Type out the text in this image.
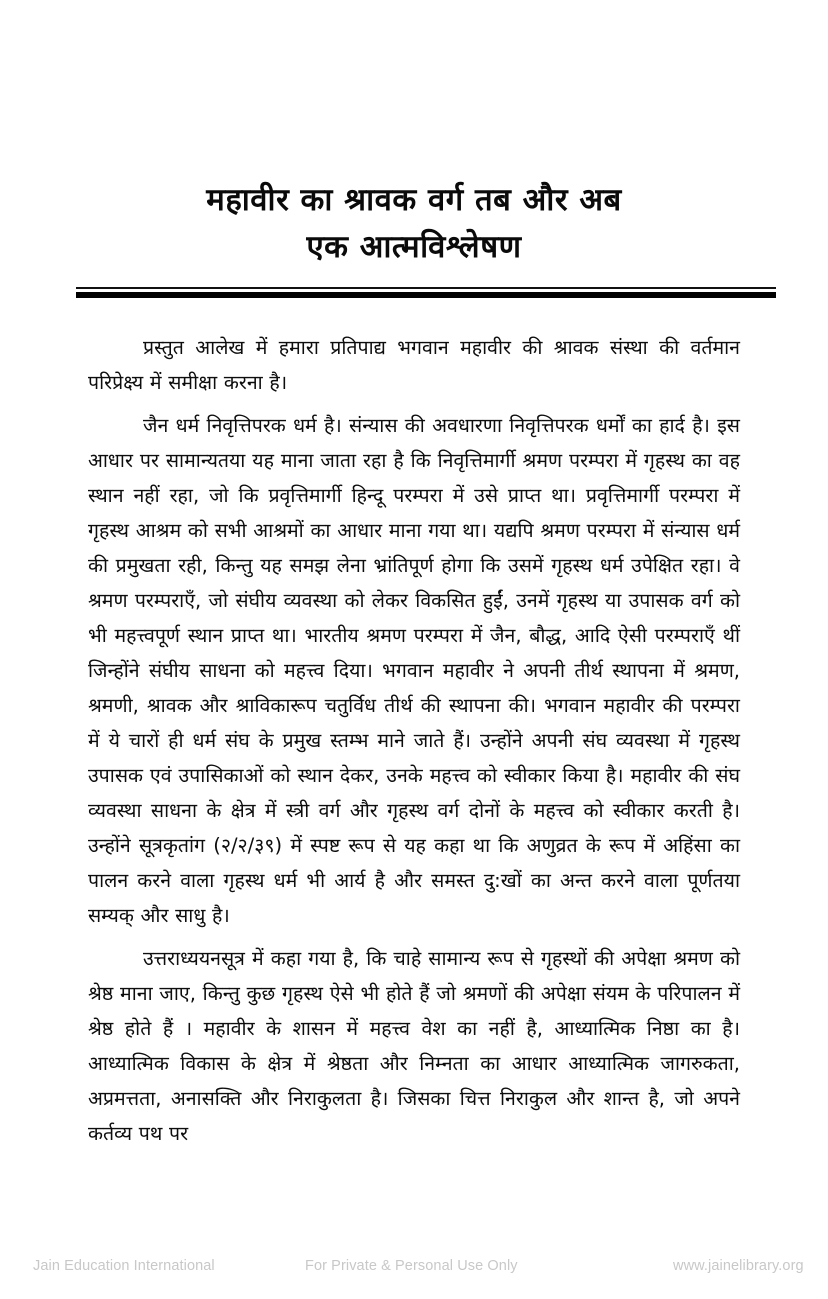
महावीर का श्रावक वर्ग तब और अब
एक आत्मविश्लेषण

प्रस्तुत आलेख में हमारा प्रतिपाद्य भगवान महावीर की श्रावक संस्था की वर्तमान परिप्रेक्ष्य में समीक्षा करना है।

जैन धर्म निवृत्तिपरक धर्म है। संन्यास की अवधारणा निवृत्तिपरक धर्मों का हार्द है। इस आधार पर सामान्यतया यह माना जाता रहा है कि निवृत्तिमार्गी श्रमण परम्परा में गृहस्थ का वह स्थान नहीं रहा, जो कि प्रवृत्तिमार्गी हिन्दू परम्परा में उसे प्राप्त था। प्रवृत्तिमार्गी परम्परा में गृहस्थ आश्रम को सभी आश्रमों का आधार माना गया था। यद्यपि श्रमण परम्परा में संन्यास धर्म की प्रमुखता रही, किन्तु यह समझ लेना भ्रांतिपूर्ण होगा कि उसमें गृहस्थ धर्म उपेक्षित रहा। वे श्रमण परम्पराएँ, जो संघीय व्यवस्था को लेकर विकसित हुईं, उनमें गृहस्थ या उपासक वर्ग को भी महत्त्वपूर्ण स्थान प्राप्त था। भारतीय श्रमण परम्परा में जैन, बौद्ध, आदि ऐसी परम्पराएँ थीं जिन्होंने संघीय साधना को महत्त्व दिया। भगवान महावीर ने अपनी तीर्थ स्थापना में श्रमण, श्रमणी, श्रावक और श्राविकारूप चतुर्विध तीर्थ की स्थापना की। भगवान महावीर की परम्परा में ये चारों ही धर्म संघ के प्रमुख स्तम्भ माने जाते हैं। उन्होंने अपनी संघ व्यवस्था में गृहस्थ उपासक एवं उपासिकाओं को स्थान देकर, उनके महत्त्व को स्वीकार किया है। महावीर की संघ व्यवस्था साधना के क्षेत्र में स्त्री वर्ग और गृहस्थ वर्ग दोनों के महत्त्व को स्वीकार करती है। उन्होंने सूत्रकृतांग (२/२/३९) में स्पष्ट रूप से यह कहा था कि अणुव्रत के रूप में अहिंसा का पालन करने वाला गृहस्थ धर्म भी आर्य है और समस्त दु:खों का अन्त करने वाला पूर्णतया सम्यक् और साधु है।

उत्तराध्ययनसूत्र में कहा गया है, कि चाहे सामान्य रूप से गृहस्थों की अपेक्षा श्रमण को श्रेष्ठ माना जाए, किन्तु कुछ गृहस्थ ऐसे भी होते हैं जो श्रमणों की अपेक्षा संयम के परिपालन में श्रेष्ठ होते हैं । महावीर के शासन में महत्त्व वेश का नहीं है, आध्यात्मिक निष्ठा का है। आध्यात्मिक विकास के क्षेत्र में श्रेष्ठता और निम्नता का आधार आध्यात्मिक जागरुकता, अप्रमत्तता, अनासक्ति और निराकुलता है। जिसका चित्त निराकुल और शान्त है, जो अपने कर्तव्य पथ पर

Jain Education International	For Private & Personal Use Only	www.jainelibrary.org
